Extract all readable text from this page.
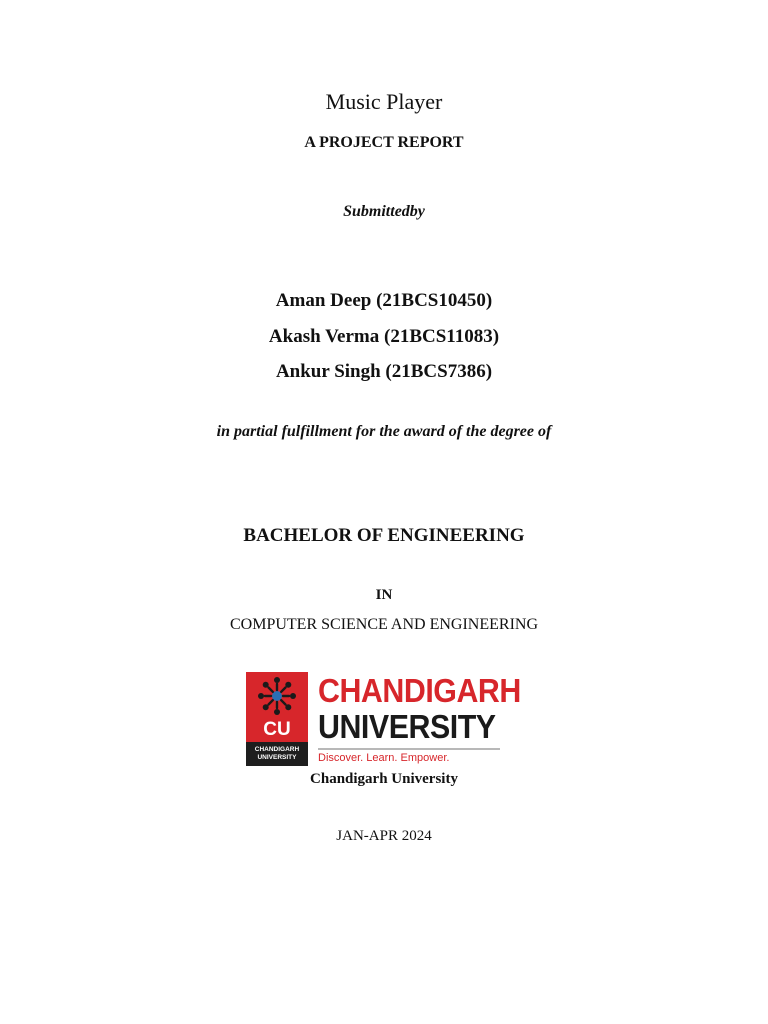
Music Player
A PROJECT REPORT
Submittedby
Aman Deep (21BCS10450)
Akash Verma (21BCS11083)
Ankur Singh (21BCS7386)
in partial fulfillment for the award of the degree of
BACHELOR OF ENGINEERING
IN
COMPUTER SCIENCE AND ENGINEERING
CU
CHANDIGARH
UNIVERSITY
CHANDIGARH
UNIVERSITY
Discover. Learn. Empower.
Chandigarh University
JAN-APR 2024
